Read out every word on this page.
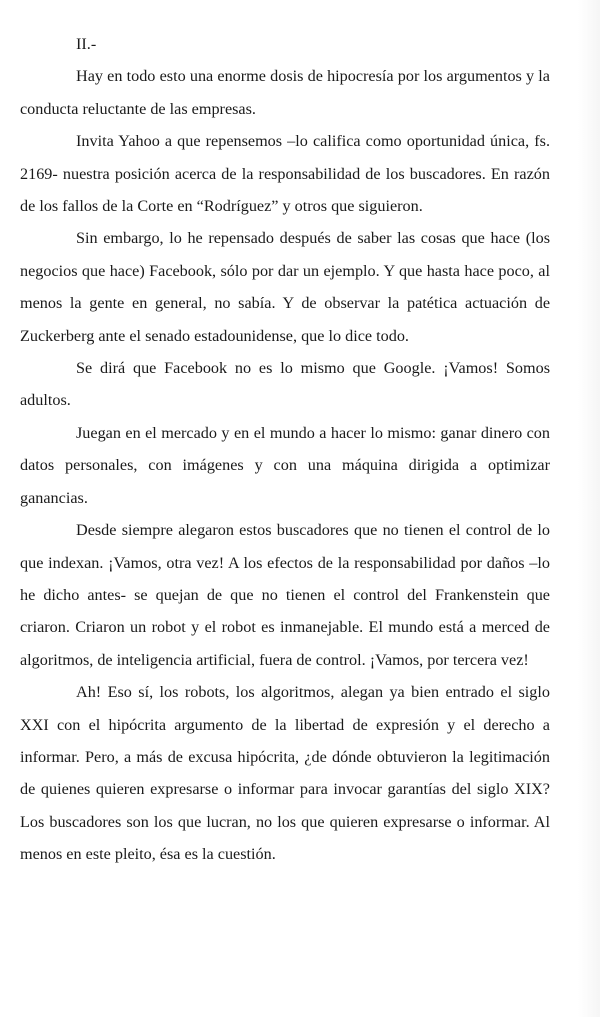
II.-

Hay en todo esto una enorme dosis de hipocresía por los argumentos y la conducta reluctante de las empresas.

Invita Yahoo a que repensemos –lo califica como oportunidad única, fs. 2169- nuestra posición acerca de la responsabilidad de los buscadores. En razón de los fallos de la Corte en “Rodríguez” y otros que siguieron.

Sin embargo, lo he repensado después de saber las cosas que hace (los negocios que hace) Facebook, sólo por dar un ejemplo. Y que hasta hace poco, al menos la gente en general, no sabía. Y de observar la patética actuación de Zuckerberg ante el senado estadounidense, que lo dice todo.

Se dirá que Facebook no es lo mismo que Google. ¡Vamos! Somos adultos.

Juegan en el mercado y en el mundo a hacer lo mismo: ganar dinero con datos personales, con imágenes y con una máquina dirigida a optimizar ganancias.

Desde siempre alegaron estos buscadores que no tienen el control de lo que indexan. ¡Vamos, otra vez! A los efectos de la responsabilidad por daños –lo he dicho antes- se quejan de que no tienen el control del Frankenstein que criaron. Criaron un robot y el robot es inmanejable. El mundo está a merced de algoritmos, de inteligencia artificial, fuera de control. ¡Vamos, por tercera vez!

Ah! Eso sí, los robots, los algoritmos, alegan ya bien entrado el siglo XXI con el hipócrita argumento de la libertad de expresión y el derecho a informar. Pero, a más de excusa hipócrita, ¿de dónde obtuvieron la legitimación de quienes quieren expresarse o informar para invocar garantías del siglo XIX? Los buscadores son los que lucran, no los que quieren expresarse o informar. Al menos en este pleito, ésa es la cuestión.
